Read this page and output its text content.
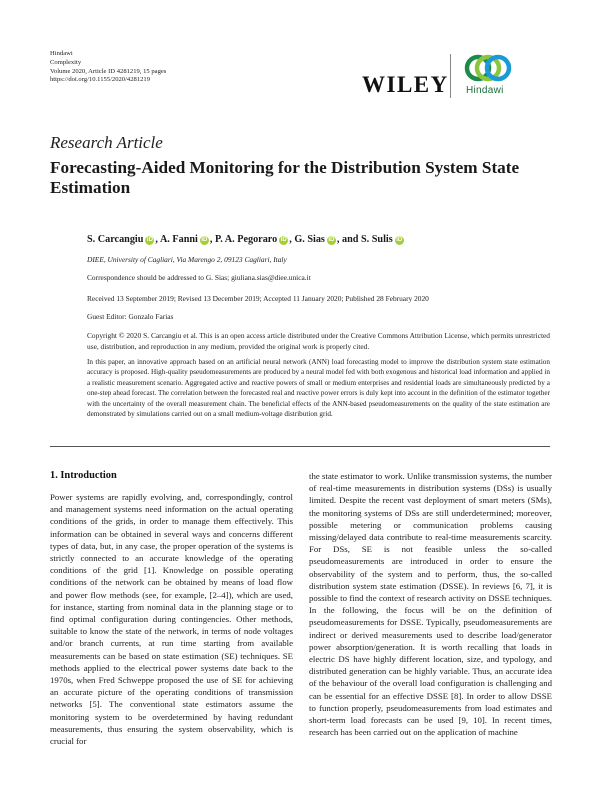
Hindawi
Complexity
Volume 2020, Article ID 4281219, 15 pages
https://doi.org/10.1155/2020/4281219	WILEY Hindawi
Research Article
Forecasting-Aided Monitoring for the Distribution System State Estimation
S. Carcangiu iD , A. Fanni iD , P. A. Pegoraro iD , G. Sias iD , and S. Sulis iD
DIEE, University of Cagliari, Via Marengo 2, 09123 Cagliari, Italy
Correspondence should be addressed to G. Sias; giuliana.sias@diee.unica.it
Received 13 September 2019; Revised 13 December 2019; Accepted 11 January 2020; Published 28 February 2020
Guest Editor: Gonzalo Farias
Copyright © 2020 S. Carcangiu et al. This is an open access article distributed under the Creative Commons Attribution License, which permits unrestricted use, distribution, and reproduction in any medium, provided the original work is properly cited.
In this paper, an innovative approach based on an artificial neural network (ANN) load forecasting model to improve the distribution system state estimation accuracy is proposed. High-quality pseudomeasurements are produced by a neural model fed with both exogenous and historical load information and applied in a realistic measurement scenario. Aggregated active and reactive powers of small or medium enterprises and residential loads are simultaneously predicted by a one-step ahead forecast. The correlation between the forecasted real and reactive power errors is duly kept into account in the definition of the estimator together with the uncertainty of the overall measurement chain. The beneficial effects of the ANN-based pseudomeasurements on the quality of the state estimation are demonstrated by simulations carried out on a small medium-voltage distribution grid.
1. Introduction

Power systems are rapidly evolving, and, correspondingly, control and management systems need information on the actual operating conditions of the grids, in order to manage them effectively. This information can be obtained in several ways and concerns different types of data, but, in any case, the proper operation of the systems is strictly connected to an accurate knowledge of the operating conditions of the grid [1]. Knowledge on possible operating conditions of the network can be obtained by means of load flow and power flow methods (see, for example, [2–4]), which are used, for instance, starting from nominal data in the planning stage or to find optimal configuration during contingencies. Other methods, suitable to know the state of the network, in terms of node voltages and/or branch currents, at run time starting from available measurements can be based on state estimation (SE) techniques. SE methods applied to the electrical power systems date back to the 1970s, when Fred Schweppe proposed the use of SE for achieving an accurate picture of the operating conditions of transmission networks [5]. The conventional state estimators assume the monitoring system to be overdetermined by having redundant measurements, thus ensuring the system observability, which is crucial for

the state estimator to work. Unlike transmission systems, the number of real-time measurements in distribution systems (DSs) is usually limited. Despite the recent vast deployment of smart meters (SMs), the monitoring systems of DSs are still underdetermined; moreover, possible metering or communication problems causing missing/delayed data contribute to real-time measurements scarcity. For DSs, SE is not feasible unless the so-called pseudomeasurements are introduced in order to ensure the observability of the system and to perform, thus, the so-called distribution system state estimation (DSSE). In reviews [6, 7], it is possible to find the context of research activity on DSSE techniques. In the following, the focus will be on the definition of pseudomeasurements for DSSE. Typically, pseudomeasurements are indirect or derived measurements used to describe load/generator power absorption/generation. It is worth recalling that loads in electric DS have highly different location, size, and typology, and distributed generation can be highly variable. Thus, an accurate idea of the behaviour of the overall load configuration is challenging and can be essential for an effective DSSE [8]. In order to allow DSSE to function properly, pseudomeasurements from load estimates and short-term load forecasts can be used [9, 10]. In recent times, research has been carried out on the application of machine
